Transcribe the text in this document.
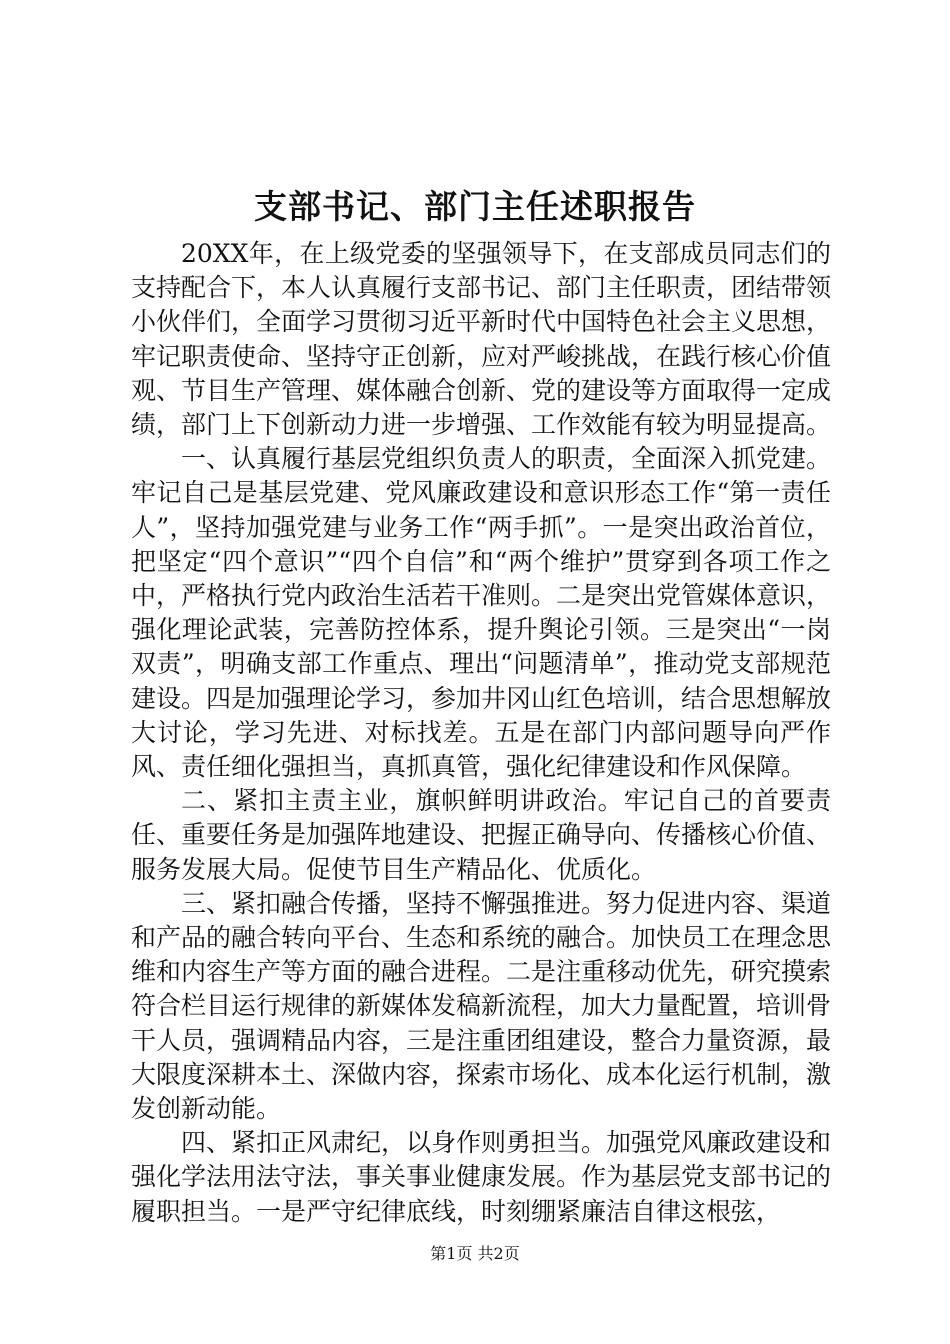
支部书记、部门主任述职报告

20XX年，在上级党委的坚强领导下，在支部成员同志们的支持配合下，本人认真履行支部书记、部门主任职责，团结带领小伙伴们，全面学习贯彻习近平新时代中国特色社会主义思想，牢记职责使命、坚持守正创新，应对严峻挑战，在践行核心价值观、节目生产管理、媒体融合创新、党的建设等方面取得一定成绩，部门上下创新动力进一步增强、工作效能有较为明显提高。

一、认真履行基层党组织负责人的职责，全面深入抓党建。牢记自己是基层党建、党风廉政建设和意识形态工作“第一责任人”，坚持加强党建与业务工作“两手抓”。一是突出政治首位，把坚定“四个意识”“四个自信”和“两个维护”贯穿到各项工作之中，严格执行党内政治生活若干准则。二是突出党管媒体意识，强化理论武装，完善防控体系，提升舆论引领。三是突出“一岗双责”，明确支部工作重点、理出“问题清单”，推动党支部规范建设。四是加强理论学习，参加井冈山红色培训，结合思想解放大讨论，学习先进、对标找差。五是在部门内部问题导向严作风、责任细化强担当，真抓真管，强化纪律建设和作风保障。

二、紧扣主责主业，旗帜鲜明讲政治。牢记自己的首要责任、重要任务是加强阵地建设、把握正确导向、传播核心价值、服务发展大局。促使节目生产精品化、优质化。

三、紧扣融合传播，坚持不懈强推进。努力促进内容、渠道和产品的融合转向平台、生态和系统的融合。加快员工在理念思维和内容生产等方面的融合进程。二是注重移动优先，研究摸索符合栏目运行规律的新媒体发稿新流程，加大力量配置，培训骨干人员，强调精品内容，三是注重团组建设，整合力量资源，最大限度深耕本土、深做内容，探索市场化、成本化运行机制，激发创新动能。

四、紧扣正风肃纪，以身作则勇担当。加强党风廉政建设和强化学法用法守法，事关事业健康发展。作为基层党支部书记的履职担当。一是严守纪律底线，时刻绷紧廉洁自律这根弦，

第1页 共2页
